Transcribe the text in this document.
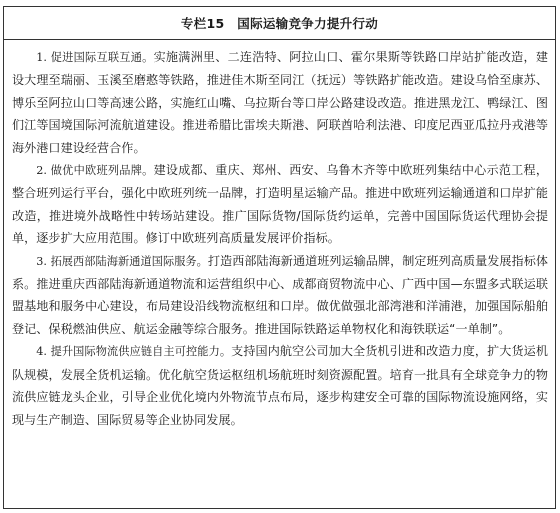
专栏15　国际运输竞争力提升行动

1. 促进国际互联互通。实施满洲里、二连浩特、阿拉山口、霍尔果斯等铁路口岸站扩能改造，建设大理至瑞丽、玉溪至磨憨等铁路，推进佳木斯至同江（抚远）等铁路扩能改造。建设乌恰至康苏、博乐至阿拉山口等高速公路，实施红山嘴、乌拉斯台等口岸公路建设改造。推进黑龙江、鸭绿江、图们江等国境国际河流航道建设。推进希腊比雷埃夫斯港、阿联酋哈利法港、印度尼西亚瓜拉丹戎港等海外港口建设经营合作。

2. 做优中欧班列品牌。建设成都、重庆、郑州、西安、乌鲁木齐等中欧班列集结中心示范工程，整合班列运行平台，强化中欧班列统一品牌，打造明星运输产品。推进中欧班列运输通道和口岸扩能改造，推进境外战略性中转场站建设。推广国际货物/国际货约运单，完善中国国际货运代理协会提单，逐步扩大应用范围。修订中欧班列高质量发展评价指标。

3. 拓展西部陆海新通道国际服务。打造西部陆海新通道班列运输品牌，制定班列高质量发展指标体系。推进重庆西部陆海新通道物流和运营组织中心、成都商贸物流中心、广西中国—东盟多式联运联盟基地和服务中心建设，布局建设沿线物流枢纽和口岸。做优做强北部湾港和洋浦港，加强国际船舶登记、保税燃油供应、航运金融等综合服务。推进国际铁路运单物权化和海铁联运“一单制”。

4. 提升国际物流供应链自主可控能力。支持国内航空公司加大全货机引进和改造力度，扩大货运机队规模，发展全货机运输。优化航空货运枢纽机场航班时刻资源配置。培育一批具有全球竞争力的物流供应链龙头企业，引导企业优化境内外物流节点布局，逐步构建安全可靠的国际物流设施网络，实现与生产制造、国际贸易等企业协同发展。
